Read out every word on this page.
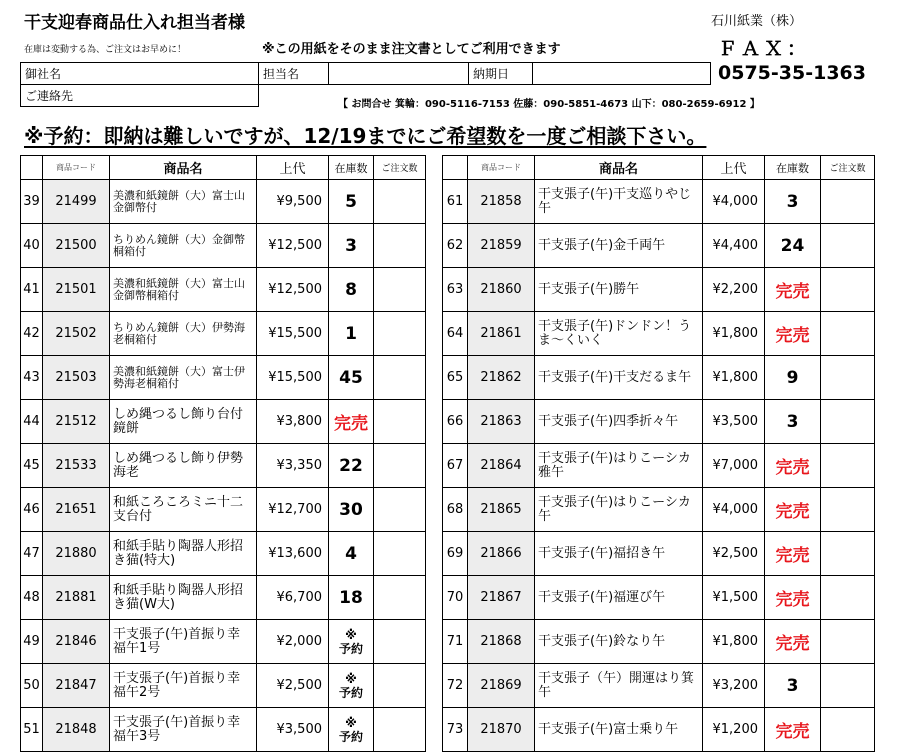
干支迎春商品仕入れ担当者様	石川紙業（株）
在庫は変動する為、ご注文はお早めに！	※この用紙をそのまま注文書としてご利用できます	ＦＡＸ：
0575-35-1363
御社名	担当名		納期日	
ご連絡先				
【 お問合せ 箕輪：090-5116-7153 佐藤：090-5851-4673 山下：080-2659-6912 】
※予約：即納は難しいですが、12/19までにご希望数を一度ご相談下さい。
	商品コード	商品名	上代	在庫数	ご注文数
39	21499	美濃和紙鏡餅（大）富士山金御幣付	¥9,500	5	
40	21500	ちりめん鏡餅（大）金御幣桐箱付	¥12,500	3	
41	21501	美濃和紙鏡餅（大）富士山金御幣桐箱付	¥12,500	8	
42	21502	ちりめん鏡餅（大）伊勢海老桐箱付	¥15,500	1	
43	21503	美濃和紙鏡餅（大）富士伊勢海老桐箱付	¥15,500	45	
44	21512	しめ縄つるし飾り台付 鏡餅	¥3,800	完売	
45	21533	しめ縄つるし飾り伊勢海老	¥3,350	22	
46	21651	和紙ころころミニ十二支台付	¥12,700	30	
47	21880	和紙手貼り陶器人形招き猫(特大)	¥13,600	4	
48	21881	和紙手貼り陶器人形招き猫(W大)	¥6,700	18	
49	21846	干支張子(午)首振り幸福午1号	¥2,000	※
予約	
50	21847	干支張子(午)首振り幸福午2号	¥2,500	※
予約	
51	21848	干支張子(午)首振り幸福午3号	¥3,500	※
予約	
	商品コード	商品名	上代	在庫数	ご注文数
61	21858	干支張子(午)干支巡りやじ午	¥4,000	3	
62	21859	干支張子(午)金千両午	¥4,400	24	
63	21860	干支張子(午)勝午	¥2,200	完売	
64	21861	干支張子(午)ドンドン！うま～くいく	¥1,800	完売	
65	21862	干支張子(午)干支だるま午	¥1,800	9	
66	21863	干支張子(午)四季折々午	¥3,500	3	
67	21864	干支張子(午)はりこーシカ雅午	¥7,000	完売	
68	21865	干支張子(午)はりこーシカ午	¥4,000	完売	
69	21866	干支張子(午)福招き午	¥2,500	完売	
70	21867	干支張子(午)福運び午	¥1,500	完売	
71	21868	干支張子(午)鈴なり午	¥1,800	完売	
72	21869	干支張子（午）開運はり箕午	¥3,200	3	
73	21870	干支張子(午)富士乗り午	¥1,200	完売	
